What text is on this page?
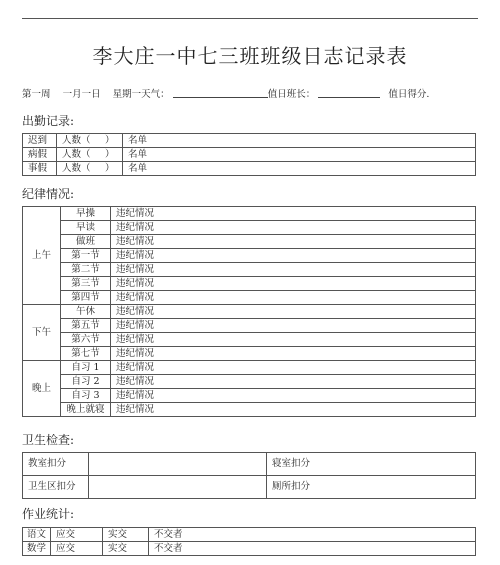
李大庄一中七三班班级日志记录表
第一周 一月一日 星期一天气：	值日班长：	值日得分.
出勤记录:
迟到	人数（ ）	名单
病假	人数（ ）	名单
事假	人数（ ）	名单
纪律情况:
上午	早操	违纪情况
	早读	违纪情况
	做班	违纪情况
	第一节	违纪情况
	第二节	违纪情况
	第三节	违纪情况
	第四节	违纪情况
下午	午休	违纪情况
	第五节	违纪情况
	第六节	违纪情况
	第七节	违纪情况
晚上	自习 1	违纪情况
	自习 2	违纪情况
	自习 3	违纪情况
	晚上就寝	违纪情况
卫生检查:
教室扣分		寝室扣分	
卫生区扣分		厕所扣分	
作业统计:
语文	应交	实交	不交者
数学	应交	实交	不交者
